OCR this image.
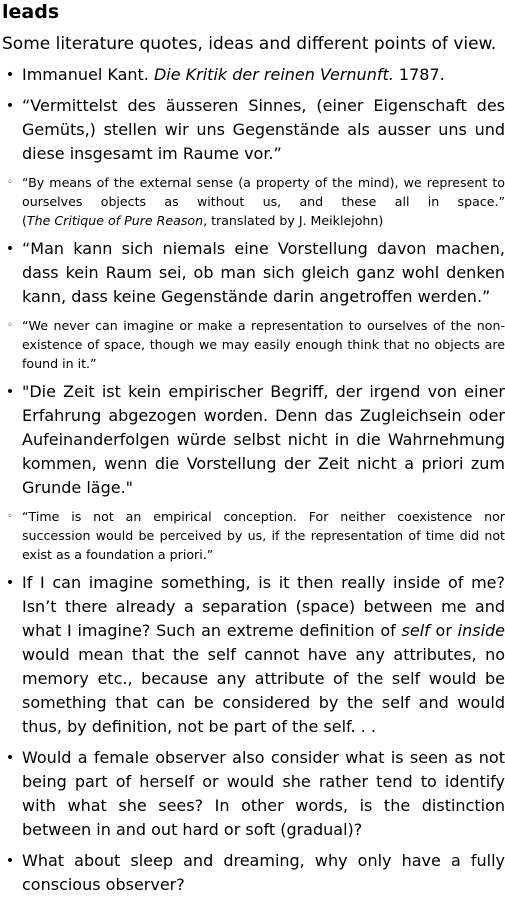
leads
Some literature quotes, ideas and different points of view.
• Immanuel Kant. Die Kritik der reinen Vernunft. 1787.
• “Vermittelst des äusseren Sinnes, (einer Eigenschaft des Gemüts,) stellen wir uns Gegenstände als ausser uns und diese insgesamt im Raume vor.”
◦ “By means of the external sense (a property of the mind), we represent to ourselves objects as without us, and these all in space.” (The Critique of Pure Reason, translated by J. Meiklejohn)
• “Man kann sich niemals eine Vorstellung davon machen, dass kein Raum sei, ob man sich gleich ganz wohl denken kann, dass keine Gegenstände darin angetroffen werden.”
◦ “We never can imagine or make a representation to ourselves of the non-existence of space, though we may easily enough think that no objects are found in it.”
• "Die Zeit ist kein empirischer Begriff, der irgend von einer Erfahrung abgezogen worden. Denn das Zugleichsein oder Aufeinanderfolgen würde selbst nicht in die Wahrnehmung kommen, wenn die Vorstellung der Zeit nicht a priori zum Grunde läge."
◦ “Time is not an empirical conception. For neither coexistence nor succession would be perceived by us, if the representation of time did not exist as a foundation a priori.”
• If I can imagine something, is it then really inside of me? Isn’t there already a separation (space) between me and what I imagine? Such an extreme definition of self or inside would mean that the self cannot have any attributes, no memory etc., because any attribute of the self would be something that can be considered by the self and would thus, by definition, not be part of the self. . .
• Would a female observer also consider what is seen as not being part of herself or would she rather tend to identify with what she sees? In other words, is the distinction between in and out hard or soft (gradual)?
• What about sleep and dreaming, why only have a fully conscious observer?
